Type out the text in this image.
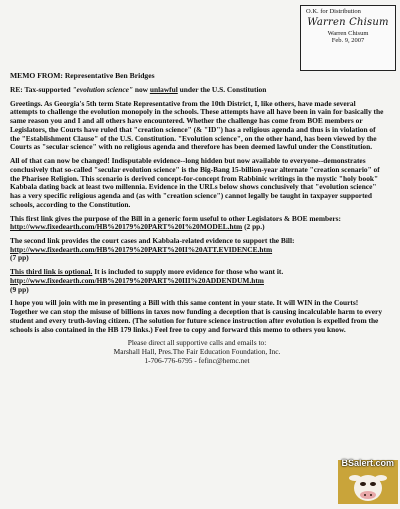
O.K. for Distribution
Warren Chisum
Warren Chisum
Feb. 9, 2007

MEMO FROM: Representative Ben Bridges

RE: Tax-supported "evolution science" now unlawful under the U.S. Constitution

Greetings. As Georgia's 5th term State Representative from the 10th District, I, like others, have made several attempts to challenge the evolution monopoly in the schools. These attempts have all have been in vain for basically the same reason you and I and all others have encountered. Whether the challenge has come from BOE members or Legislators, the Courts have ruled that "creation science" (& "ID") has a religious agenda and thus is in violation of the "Establishment Clause" of the U.S. Constitution. "Evolution science", on the other hand, has been viewed by the Courts as "secular science" with no religious agenda and therefore has been deemed lawful under the Constitution.

All of that can now be changed! Indisputable evidence--long hidden but now available to everyone--demonstrates conclusively that so-called "secular evolution science" is the Big-Bang 15-billion-year alternate "creation scenario" of the Pharisee Religion. This scenario is derived concept-for-concept from Rabbinic writings in the mystic "holy book" Kabbala dating back at least two millennia. Evidence in the URLs below shows conclusively that "evolution science" has a very specific religious agenda and (as with "creation science") cannot legally be taught in taxpayer supported schools, according to the Constitution.

This first link gives the purpose of the Bill in a generic form useful to other Legislators & BOE members:
http://www.fixedearth.com/HB%20179%20PART%20I%20MODEL.htm (2 pp.)

The second link provides the court cases and Kabbala-related evidence to support the Bill:
http://www.fixedearth.com/HB%20179%20PART%20II%20ATT.EVIDENCE.htm
(7 pp)

This third link is optional. It is included to supply more evidence for those who want it.
http://www.fixedearth.com/HB%20179%20PART%20III%20ADDENDUM.htm
(9 pp)

I hope you will join with me in presenting a Bill with this same content in your state. It will WIN in the Courts! Together we can stop the misuse of billions in taxes now funding a deception that is causing incalculable harm to every student and every truth-loving citizen. (The solution for future science instruction after evolution is expelled from the schools is also contained in the HB 179 links.) Feel free to copy and forward this memo to others you know.

Please direct all supportive calls and emails to:
Marshall Hall, Pres.The Fair Education Foundation, Inc.
1-706-776-6795 - fefinc@hemc.net
BSalert.com
